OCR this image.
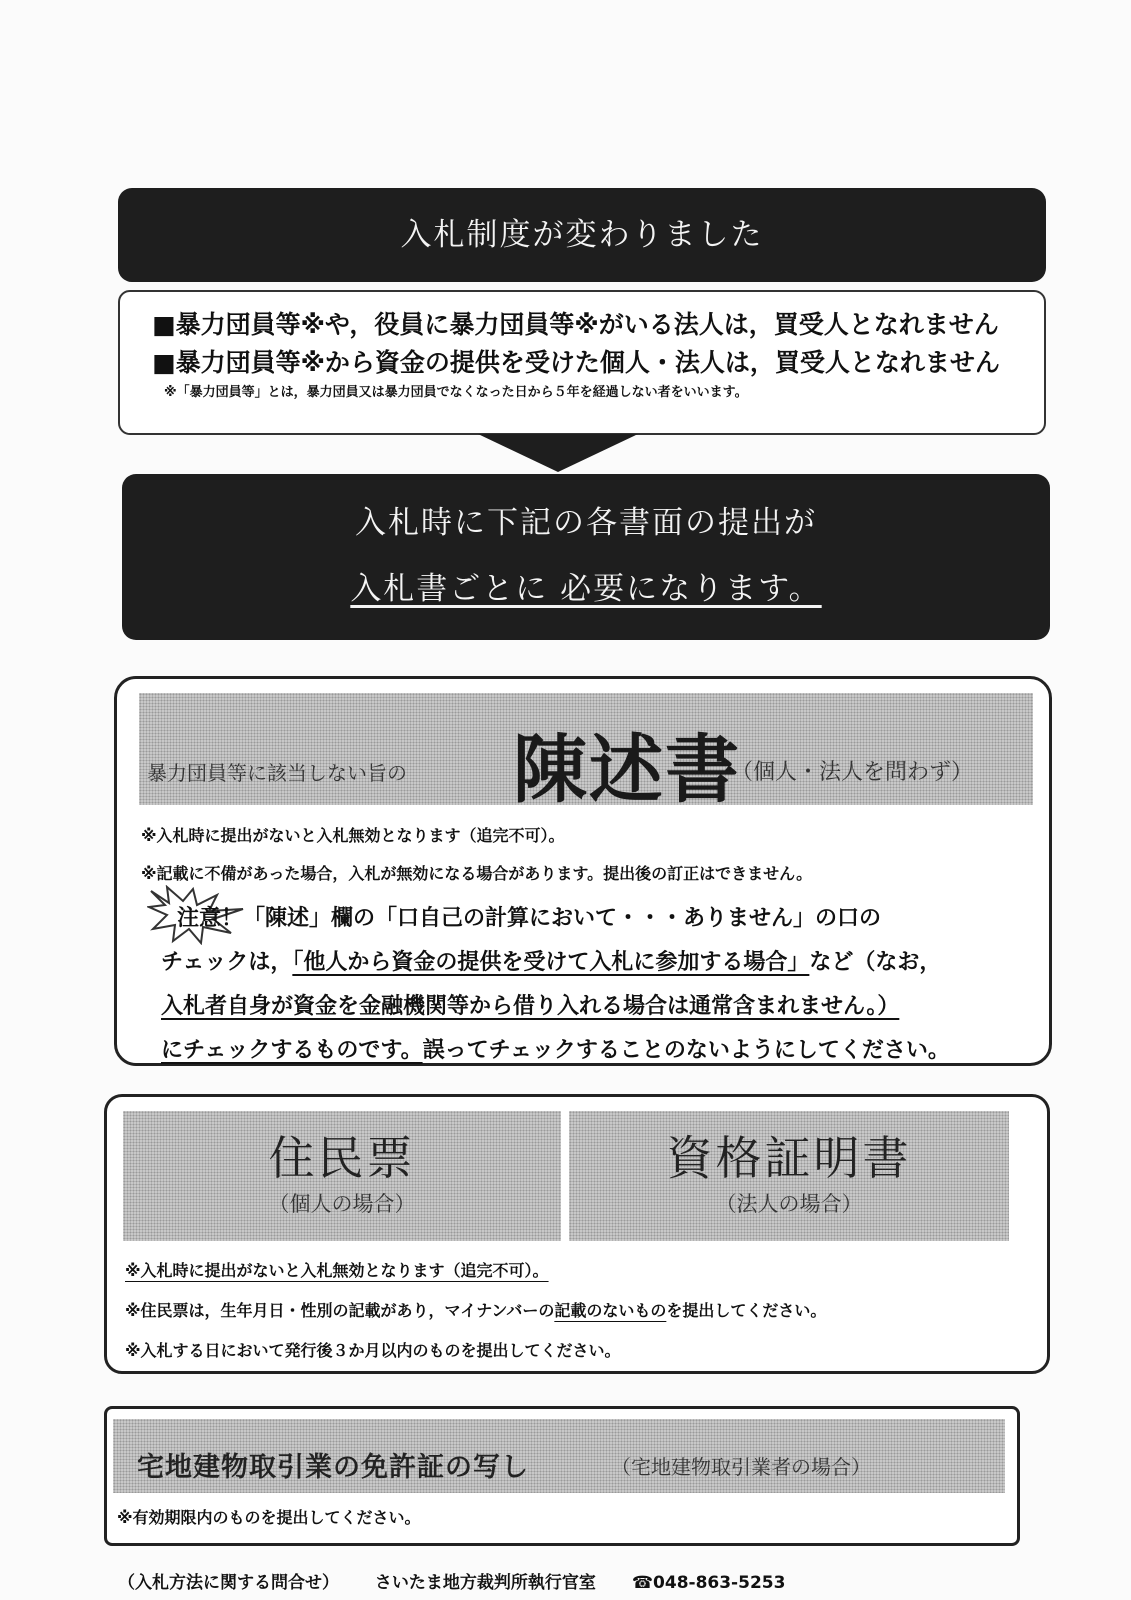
入札制度が変わりました
■暴力団員等※や，役員に暴力団員等※がいる法人は，買受人となれません
■暴力団員等※から資金の提供を受けた個人・法人は，買受人となれません
※「暴力団員等」とは，暴力団員又は暴力団員でなくなった日から５年を経過しない者をいいます。
入札時に下記の各書面の提出が
入札書ごとに 必要になります。
暴力団員等に該当しない旨の 陳述書
（個人・法人を問わず）
※入札時に提出がないと入札無効となります（追完不可）。
※記載に不備があった場合，入札が無効になる場合があります。提出後の訂正はできません。
注意！「陳述」欄の「口自己の計算において・・・ありません」の口の
チェックは，「他人から資金の提供を受けて入札に参加する場合」など（なお，
入札者自身が資金を金融機関等から借り入れる場合は通常含まれません。）
にチェックするものです。誤ってチェックすることのないようにしてください。
住民票
（個人の場合）
資格証明書
（法人の場合）
※入札時に提出がないと入札無効となります（追完不可）。
※住民票は，生年月日・性別の記載があり，マイナンバーの記載のないものを提出してください。
※入札する日において発行後３か月以内のものを提出してください。
宅地建物取引業の免許証の写し	（宅地建物取引業者の場合）
※有効期限内のものを提出してください。
（入札方法に関する問合せ） さいたま地方裁判所執行官室 ☎048-863-5253
